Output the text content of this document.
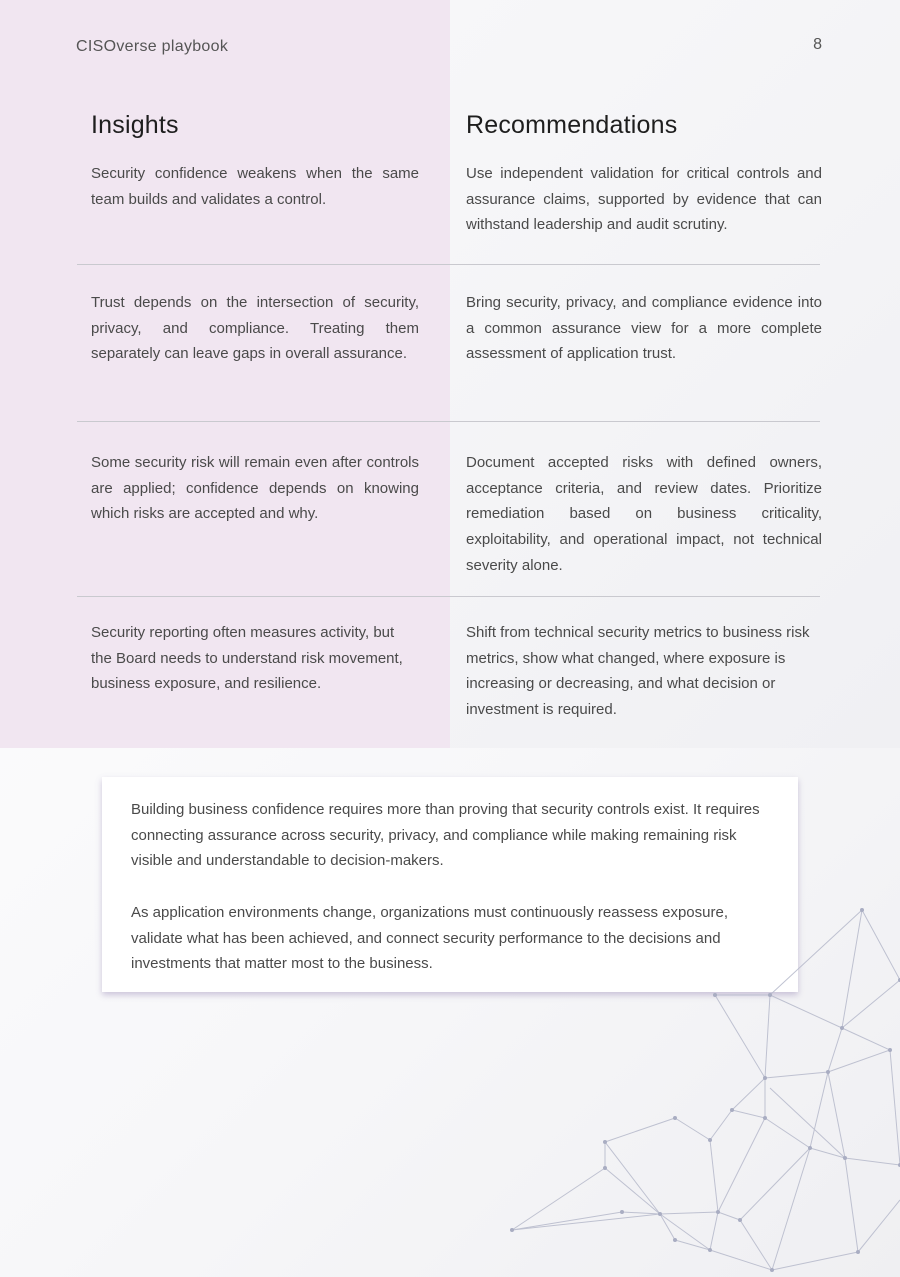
CISOverse playbook	8
Insights	Recommendations
Security confidence weakens when the same team builds and validates a control.
Use independent validation for critical controls and assurance claims, supported by evidence that can withstand leadership and audit scrutiny.
Trust depends on the intersection of security, privacy, and compliance. Treating them separately can leave gaps in overall assurance.
Bring security, privacy, and compliance evidence into a common assurance view for a more complete assessment of application trust.
Some security risk will remain even after controls are applied; confidence depends on knowing which risks are accepted and why.
Document accepted risks with defined owners, acceptance criteria, and review dates. Prioritize remediation based on business criticality, exploitability, and operational impact, not technical severity alone.
Security reporting often measures activity, but the Board needs to understand risk movement, business exposure, and resilience.
Shift from technical security metrics to business risk metrics, show what changed, where exposure is increasing or decreasing, and what decision or investment is required.

Building business confidence requires more than proving that security controls exist. It requires connecting assurance across security, privacy, and compliance while making remaining risk visible and understandable to decision-makers.

As application environments change, organizations must continuously reassess exposure, validate what has been achieved, and connect security performance to the decisions and investments that matter most to the business.
